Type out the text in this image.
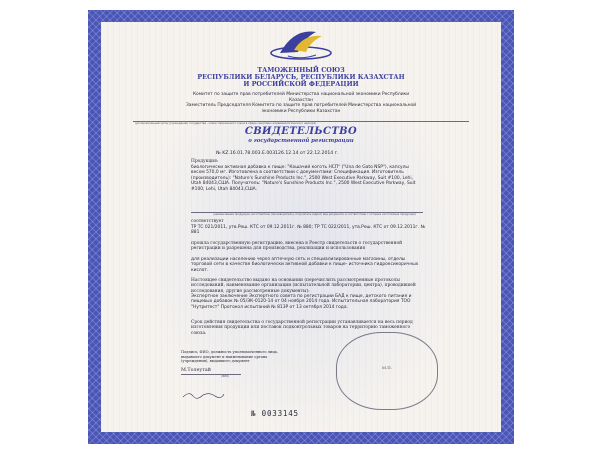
ТАМОЖЕННЫЙ СОЮЗ
РЕСПУБЛИКИ БЕЛАРУСЬ, РЕСПУБЛИКИ КАЗАХСТАН
И РОССИЙСКОЙ ФЕДЕРАЦИИ
Комитет по защите прав потребителей Министерства национальной экономики Республики
Казахстан
Заместитель Председателя Комитета по защите прав потребителей Министерства национальной
экономики Республики Казахстан
(уполномоченный орган (учреждение) государства - члена таможенного союза в сфере санитарно-эпидемиологического надзора)
СВИДЕТЕЛЬСТВО
о государственной регистрации
№ KZ.16.01.78.003.Е.003126.12.14 от 22.12.2014 г.
Продукция:
биологически активная добавка к пище: "Кошачий коготь НСП" ("Una de Gato NSP"), капсулы весом 570,0 мг. Изготовлена в соответствии с документами: Спецификация. Изготовитель (производитель): "Nature's Sunshine Products Inc.", 2500 West Executive Parkway, Suit #100, Lehi, Utah 84043,США. Получатель: "Nature's Sunshine Products Inc.", 2500 West Executive Parkway, Suit #100, Lehi, Utah 84043,США.
(наименование продукции, изготовитель (производитель), получатель (адрес) вид документа, в соответствии с которым изготовлена продукция)
соответствует
ТР ТС 021/2011, утв.Реш. КТС от 09.12.2011г. № 880; ТР ТС 022/2011, утв.Реш. КТС от 09.12.2011г. № 881
прошла государственную регистрацию, внесена в Реестр свидетельств о государственной регистрации и разрешена для производства, реализации и использования
для реализации населению через аптечную сеть и специализированные магазины, отделы торговой сети в качестве биологически активной добавки к пище- источника гидроксикоричных кислот.
Настоящее свидетельство выдано на основании (перечислить рассмотренные протоколы исследований, наименование организации (испытательной лаборатории, центра), проводившей исследования, другие рассмотренные документы):
Экспертное заключение Экспертного совета по регистрации БАД к пище, детского питания и пищевых добавок № 05/ЭК-0120-14 от 04 ноября 2014 года. Испытательная лаборатория ТОО "Нутритест" Протокол испытаний № 813Р от 13 октября 2014 года.
Срок действия свидетельства о государственной регистрации устанавливается на весь период изготовления продукции или поставок подконтрольных товаров на территорию таможенного союза.
Подпись, ФИО, должность уполномоченного лица,
выдавшего документ и наименование органа
(учреждения), выдавшего документ
М.Толеутай
(ФИО)
М.П.
№ 0033145
